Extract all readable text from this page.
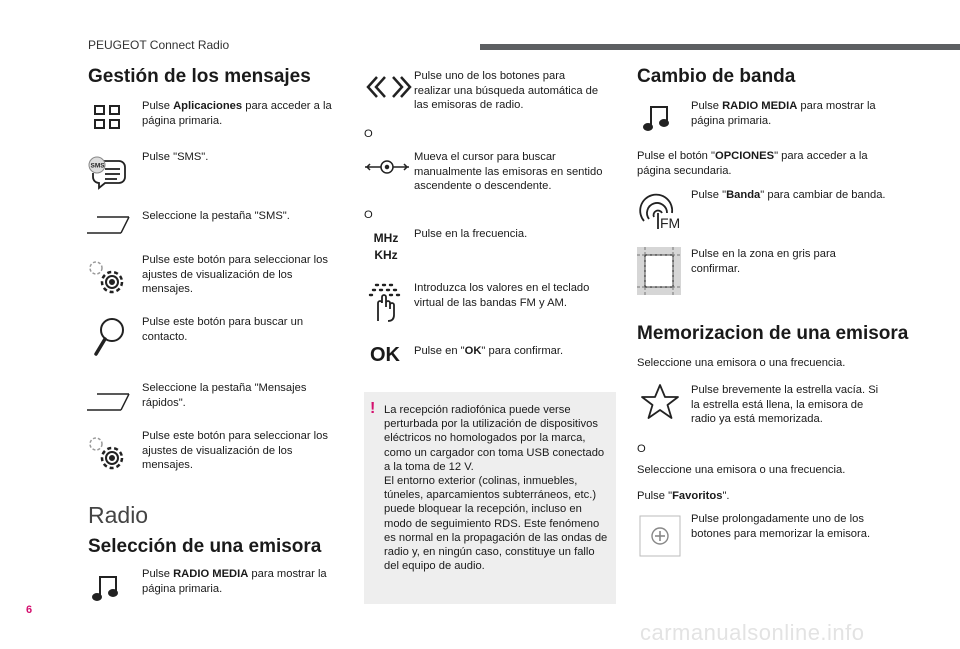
PEUGEOT Connect Radio
6
carmanualsonline.info
Gestión de los mensajes
Pulse Aplicaciones para acceder a la página primaria.
SMS
Pulse "SMS".
Seleccione la pestaña "SMS".
Pulse este botón para seleccionar los ajustes de visualización de los mensajes.
Pulse este botón para buscar un contacto.
Seleccione la pestaña "Mensajes rápidos".
Pulse este botón para seleccionar los ajustes de visualización de los mensajes.
Radio
Selección de una emisora
Pulse RADIO MEDIA para mostrar la página primaria.
Pulse uno de los botones para realizar una búsqueda automática de las emisoras de radio.
O
Mueva el cursor para buscar manualmente las emisoras en sentido ascendente o descendente.
O
MHz
KHz
Pulse en la frecuencia.
Introduzca los valores en el teclado virtual de las bandas FM y AM.
OK Pulse en "OK" para confirmar.
! La recepción radiofónica puede verse perturbada por la utilización de dispositivos eléctricos no homologados por la marca, como un cargador con toma USB conectado a la toma de 12 V.
El entorno exterior (colinas, inmuebles, túneles, aparcamientos subterráneos, etc.) puede bloquear la recepción, incluso en modo de seguimiento RDS. Este fenómeno es normal en la propagación de las ondas de radio y, en ningún caso, constituye un fallo del equipo de audio.
Cambio de banda
Pulse RADIO MEDIA para mostrar la página primaria.
Pulse el botón "OPCIONES" para acceder a la página secundaria.
FM
Pulse "Banda" para cambiar de banda.
Pulse en la zona en gris para confirmar.
Memorizacion de una emisora
Seleccione una emisora o una frecuencia.
Pulse brevemente la estrella vacía. Si la estrella está llena, la emisora de radio ya está memorizada.
O
Seleccione una emisora o una frecuencia.
Pulse "Favoritos".
Pulse prolongadamente uno de los botones para memorizar la emisora.
